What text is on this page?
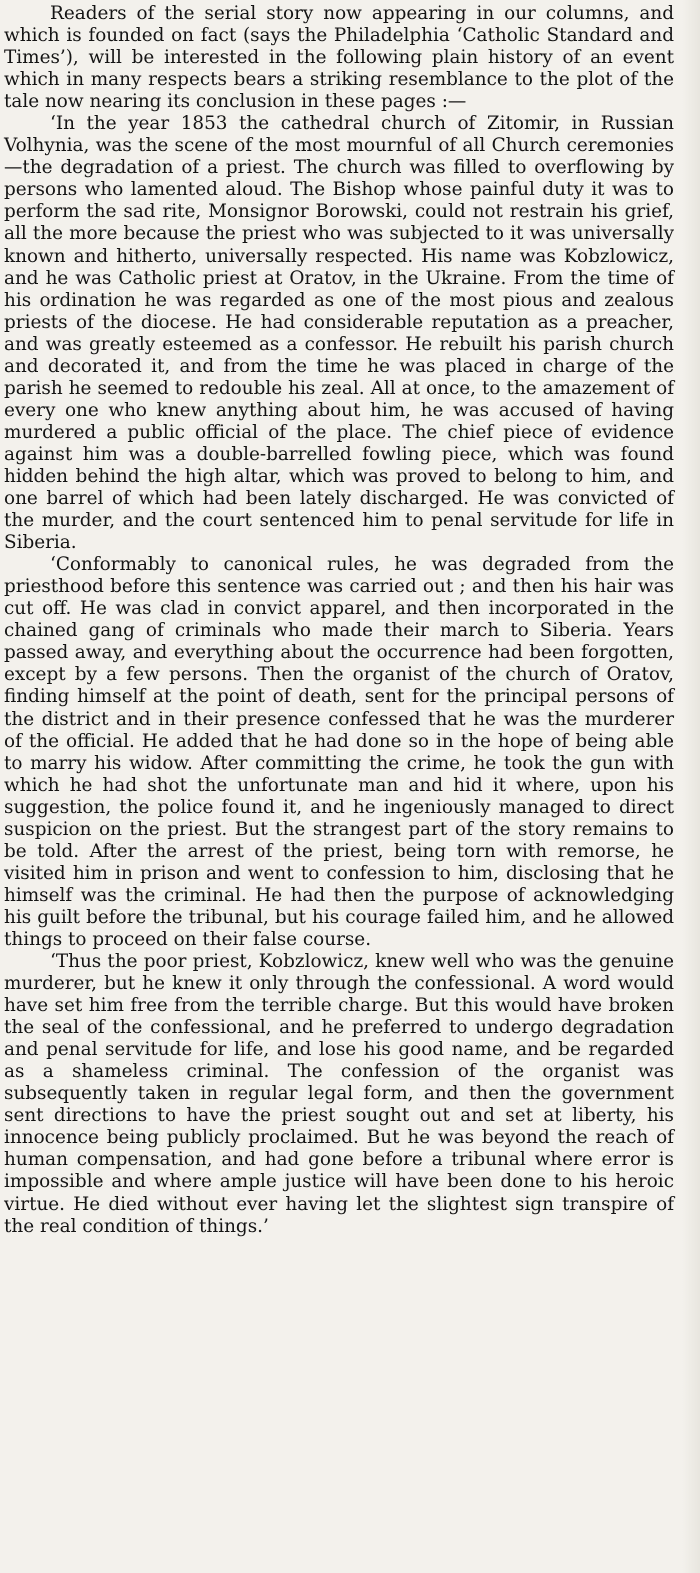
Readers of the serial story now appearing in our columns, and which is founded on fact (says the Philadelphia ‘Catholic Standard and Times’), will be interested in the following plain history of an event which in many respects bears a striking resemblance to the plot of the tale now nearing its conclusion in these pages :—

‘In the year 1853 the cathedral church of Zitomir, in Russian Volhynia, was the scene of the most mournful of all Church ceremonies—the degradation of a priest. The church was filled to overflowing by persons who lamented aloud. The Bishop whose painful duty it was to perform the sad rite, Monsignor Borowski, could not restrain his grief, all the more because the priest who was subjected to it was universally known and hitherto, universally respected. His name was Kobzlowicz, and he was Catholic priest at Oratov, in the Ukraine. From the time of his ordination he was regarded as one of the most pious and zealous priests of the diocese. He had considerable reputation as a preacher, and was greatly esteemed as a confessor. He rebuilt his parish church and decorated it, and from the time he was placed in charge of the parish he seemed to redouble his zeal. All at once, to the amazement of every one who knew anything about him, he was accused of having murdered a public official of the place. The chief piece of evidence against him was a double-barrelled fowling piece, which was found hidden behind the high altar, which was proved to belong to him, and one barrel of which had been lately discharged. He was convicted of the murder, and the court sentenced him to penal servitude for life in Siberia.

‘Conformably to canonical rules, he was degraded from the priesthood before this sentence was carried out ; and then his hair was cut off. He was clad in convict apparel, and then incorporated in the chained gang of criminals who made their march to Siberia. Years passed away, and everything about the occurrence had been forgotten, except by a few persons. Then the organist of the church of Oratov, finding himself at the point of death, sent for the principal persons of the district and in their presence confessed that he was the murderer of the official. He added that he had done so in the hope of being able to marry his widow. After committing the crime, he took the gun with which he had shot the unfortunate man and hid it where, upon his suggestion, the police found it, and he ingeniously managed to direct suspicion on the priest. But the strangest part of the story remains to be told. After the arrest of the priest, being torn with remorse, he visited him in prison and went to confession to him, disclosing that he himself was the criminal. He had then the purpose of acknowledging his guilt before the tribunal, but his courage failed him, and he allowed things to proceed on their false course.

‘Thus the poor priest, Kobzlowicz, knew well who was the genuine murderer, but he knew it only through the confessional. A word would have set him free from the terrible charge. But this would have broken the seal of the confessional, and he preferred to undergo degradation and penal servitude for life, and lose his good name, and be regarded as a shameless criminal. The confession of the organist was subsequently taken in regular legal form, and then the government sent directions to have the priest sought out and set at liberty, his innocence being publicly proclaimed. But he was beyond the reach of human compensation, and had gone before a tribunal where error is impossible and where ample justice will have been done to his heroic virtue. He died without ever having let the slightest sign transpire of the real condition of things.’
